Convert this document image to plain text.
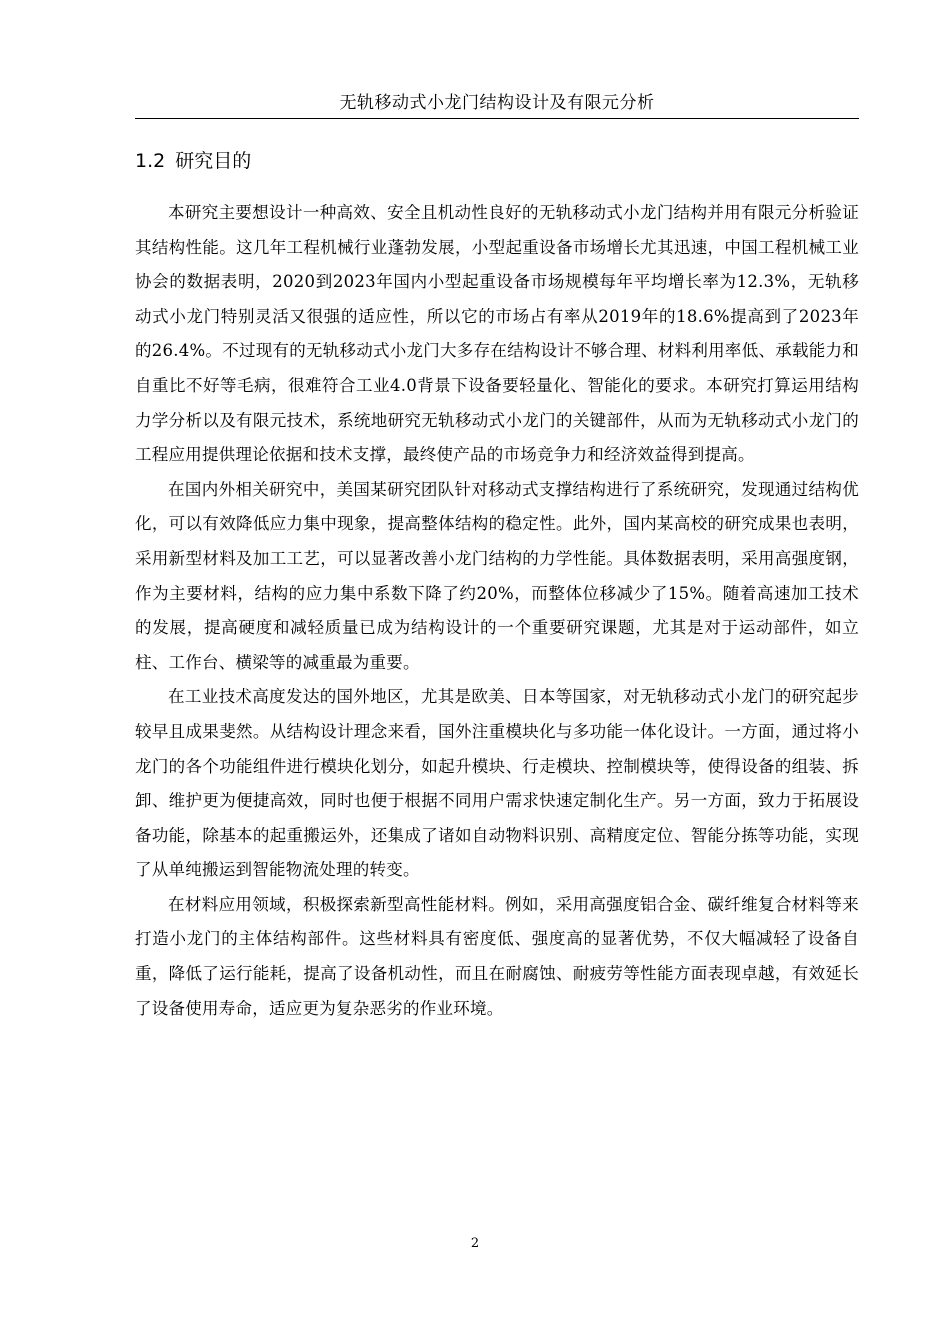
无轨移动式小龙门结构设计及有限元分析
1.2 研究目的

本研究主要想设计一种高效、安全且机动性良好的无轨移动式小龙门结构并用有限元分析验证其结构性能。这几年工程机械行业蓬勃发展，小型起重设备市场增长尤其迅速，中国工程机械工业协会的数据表明，2020到2023年国内小型起重设备市场规模每年平均增长率为12.3%，无轨移动式小龙门特别灵活又很强的适应性，所以它的市场占有率从2019年的18.6%提高到了2023年的26.4%。不过现有的无轨移动式小龙门大多存在结构设计不够合理、材料利用率低、承载能力和自重比不好等毛病，很难符合工业4.0背景下设备要轻量化、智能化的要求。本研究打算运用结构力学分析以及有限元技术，系统地研究无轨移动式小龙门的关键部件，从而为无轨移动式小龙门的工程应用提供理论依据和技术支撑，最终使产品的市场竞争力和经济效益得到提高。

在国内外相关研究中，美国某研究团队针对移动式支撑结构进行了系统研究，发现通过结构优化，可以有效降低应力集中现象，提高整体结构的稳定性。此外，国内某高校的研究成果也表明，采用新型材料及加工工艺，可以显著改善小龙门结构的力学性能。具体数据表明，采用高强度钢，作为主要材料，结构的应力集中系数下降了约20%，而整体位移减少了15%。随着高速加工技术的发展，提高硬度和减轻质量已成为结构设计的一个重要研究课题，尤其是对于运动部件，如立柱、工作台、横梁等的减重最为重要。

在工业技术高度发达的国外地区，尤其是欧美、日本等国家，对无轨移动式小龙门的研究起步较早且成果斐然。从结构设计理念来看，国外注重模块化与多功能一体化设计。一方面，通过将小龙门的各个功能组件进行模块化划分，如起升模块、行走模块、控制模块等，使得设备的组装、拆卸、维护更为便捷高效，同时也便于根据不同用户需求快速定制化生产。另一方面，致力于拓展设备功能，除基本的起重搬运外，还集成了诸如自动物料识别、高精度定位、智能分拣等功能，实现了从单纯搬运到智能物流处理的转变。

在材料应用领域，积极探索新型高性能材料。例如，采用高强度铝合金、碳纤维复合材料等来打造小龙门的主体结构部件。这些材料具有密度低、强度高的显著优势，不仅大幅减轻了设备自重，降低了运行能耗，提高了设备机动性，而且在耐腐蚀、耐疲劳等性能方面表现卓越，有效延长了设备使用寿命，适应更为复杂恶劣的作业环境。

2
